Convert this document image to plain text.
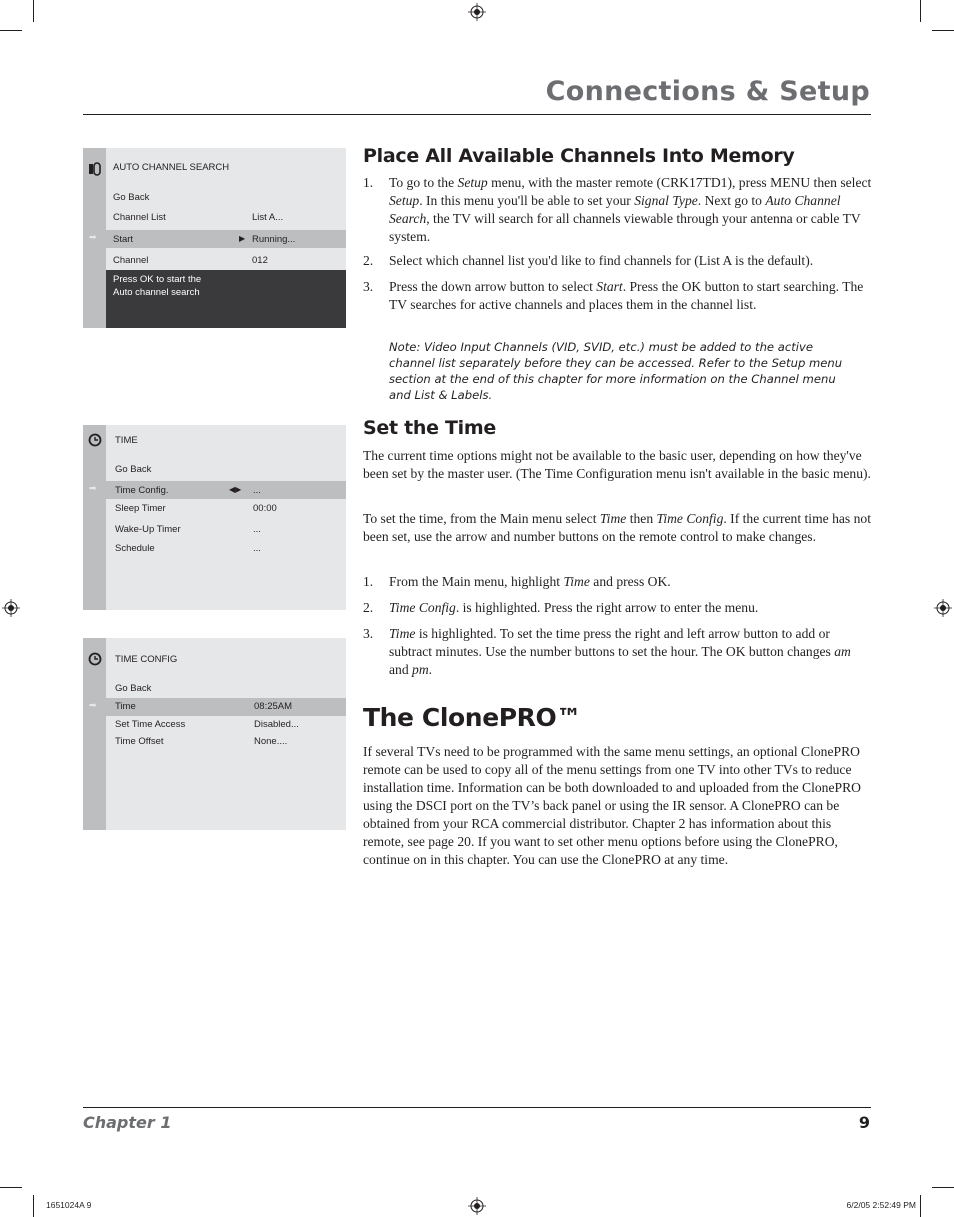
Connections & Setup
AUTO CHANNEL SEARCH
Go Back
Channel List	List A...
➡ Start	▶ Running...
Channel	012
Press OK to start the
Auto channel search
TIME
Go Back
➡ Time Config.	◀▶ ...
Sleep Timer	00:00
Wake-Up Timer	...
Schedule	...
TIME CONFIG
Go Back
➡ Time	08:25AM
Set Time Access	Disabled...
Time Offset	None....
Place All Available Channels Into Memory
1. To go to the Setup menu, with the master remote (CRK17TD1), press MENU then select Setup. In this menu you'll be able to set your Signal Type. Next go to Auto Channel Search, the TV will search for all channels viewable through your antenna or cable TV system.
2. Select which channel list you'd like to find channels for (List A is the default).
3. Press the down arrow button to select Start. Press the OK button to start searching. The TV searches for active channels and places them in the channel list.
Note: Video Input Channels (VID, SVID, etc.) must be added to the active channel list separately before they can be accessed. Refer to the Setup menu section at the end of this chapter for more information on the Channel menu and List & Labels.
Set the Time
The current time options might not be available to the basic user, depending on how they've been set by the master user. (The Time Configuration menu isn't available in the basic menu).
To set the time, from the Main menu select Time then Time Config. If the current time has not been set, use the arrow and number buttons on the remote control to make changes.
1. From the Main menu, highlight Time and press OK.
2. Time Config. is highlighted. Press the right arrow to enter the menu.
3. Time is highlighted. To set the time press the right and left arrow button to add or subtract minutes. Use the number buttons to set the hour. The OK button changes am and pm.
The ClonePRO™
If several TVs need to be programmed with the same menu settings, an optional ClonePRO remote can be used to copy all of the menu settings from one TV into other TVs to reduce installation time. Information can be both downloaded to and uploaded from the ClonePRO using the DSCI port on the TV’s back panel or using the IR sensor. A ClonePRO can be obtained from your RCA commercial distributor. Chapter 2 has information about this remote, see page 20. If you want to set other menu options before using the ClonePRO, continue on in this chapter. You can use the ClonePRO at any time.
Chapter 1	9
1651024A 9	6/2/05 2:52:49 PM
